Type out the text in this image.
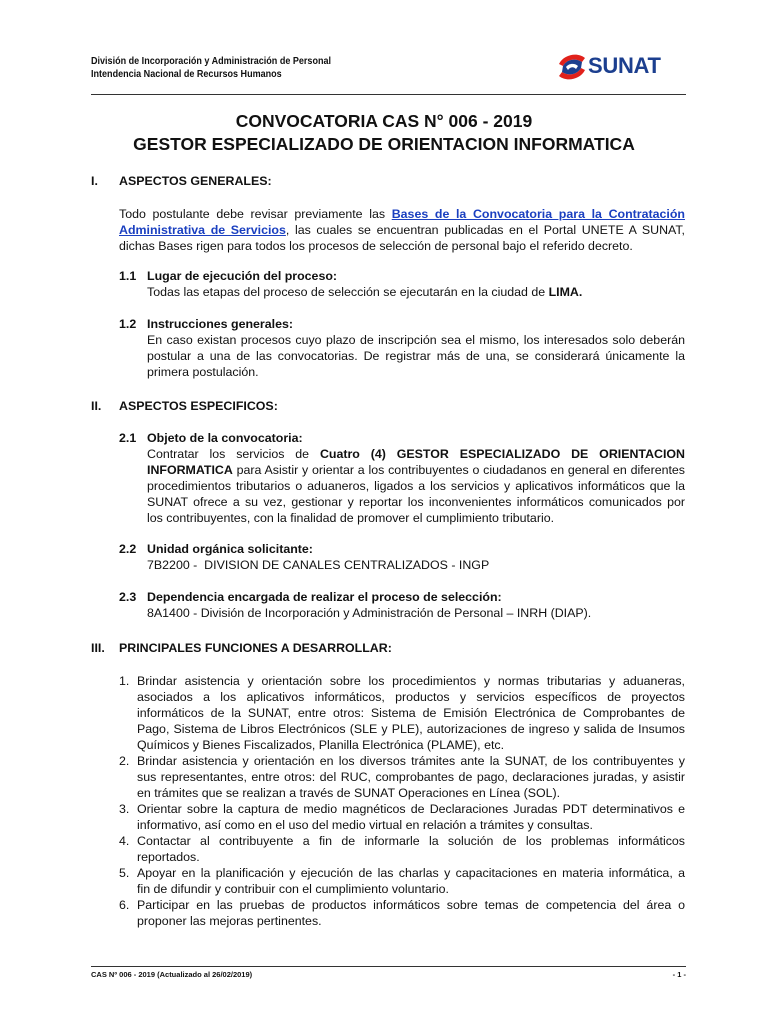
División de Incorporación y Administración de Personal
Intendencia Nacional de Recursos Humanos	SUNAT
CONVOCATORIA CAS N° 006 - 2019
GESTOR ESPECIALIZADO DE ORIENTACION INFORMATICA
I. ASPECTOS GENERALES:
Todo postulante debe revisar previamente las Bases de la Convocatoria para la Contratación
Administrativa de Servicios, las cuales se encuentran publicadas en el Portal UNETE A SUNAT,
dichas Bases rigen para todos los procesos de selección de personal bajo el referido decreto.
1.1 Lugar de ejecución del proceso:
Todas las etapas del proceso de selección se ejecutarán en la ciudad de LIMA.
1.2 Instrucciones generales:
En caso existan procesos cuyo plazo de inscripción sea el mismo, los interesados solo deberán
postular a una de las convocatorias. De registrar más de una, se considerará únicamente la
primera postulación.
II. ASPECTOS ESPECIFICOS:
2.1 Objeto de la convocatoria:
Contratar los servicios de Cuatro (4) GESTOR ESPECIALIZADO DE ORIENTACION
INFORMATICA para Asistir y orientar a los contribuyentes o ciudadanos en general en diferentes
procedimientos tributarios o aduaneros, ligados a los servicios y aplicativos informáticos que la
SUNAT ofrece a su vez, gestionar y reportar los inconvenientes informáticos comunicados por
los contribuyentes, con la finalidad de promover el cumplimiento tributario.
2.2 Unidad orgánica solicitante:
7B2200 -  DIVISION DE CANALES CENTRALIZADOS - INGP
2.3 Dependencia encargada de realizar el proceso de selección:
8A1400 - División de Incorporación y Administración de Personal – INRH (DIAP).
III. PRINCIPALES FUNCIONES A DESARROLLAR:
1. Brindar asistencia y orientación sobre los procedimientos y normas tributarias y aduaneras,
asociados a los aplicativos informáticos, productos y servicios específicos de proyectos
informáticos de la SUNAT, entre otros: Sistema de Emisión Electrónica de Comprobantes de
Pago, Sistema de Libros Electrónicos (SLE y PLE), autorizaciones de ingreso y salida de Insumos
Químicos y Bienes Fiscalizados, Planilla Electrónica (PLAME), etc.
2. Brindar asistencia y orientación en los diversos trámites ante la SUNAT, de los contribuyentes y
sus representantes, entre otros: del RUC, comprobantes de pago, declaraciones juradas, y asistir
en trámites que se realizan a través de SUNAT Operaciones en Línea (SOL).
3. Orientar sobre la captura de medio magnéticos de Declaraciones Juradas PDT determinativos e
informativo, así como en el uso del medio virtual en relación a trámites y consultas.
4. Contactar al contribuyente a fin de informarle la solución de los problemas informáticos
reportados.
5. Apoyar en la planificación y ejecución de las charlas y capacitaciones en materia informática, a
fin de difundir y contribuir con el cumplimiento voluntario.
6. Participar en las pruebas de productos informáticos sobre temas de competencia del área o
proponer las mejoras pertinentes.
CAS Nº 006 - 2019 (Actualizado al 26/02/2019)	- 1 -
